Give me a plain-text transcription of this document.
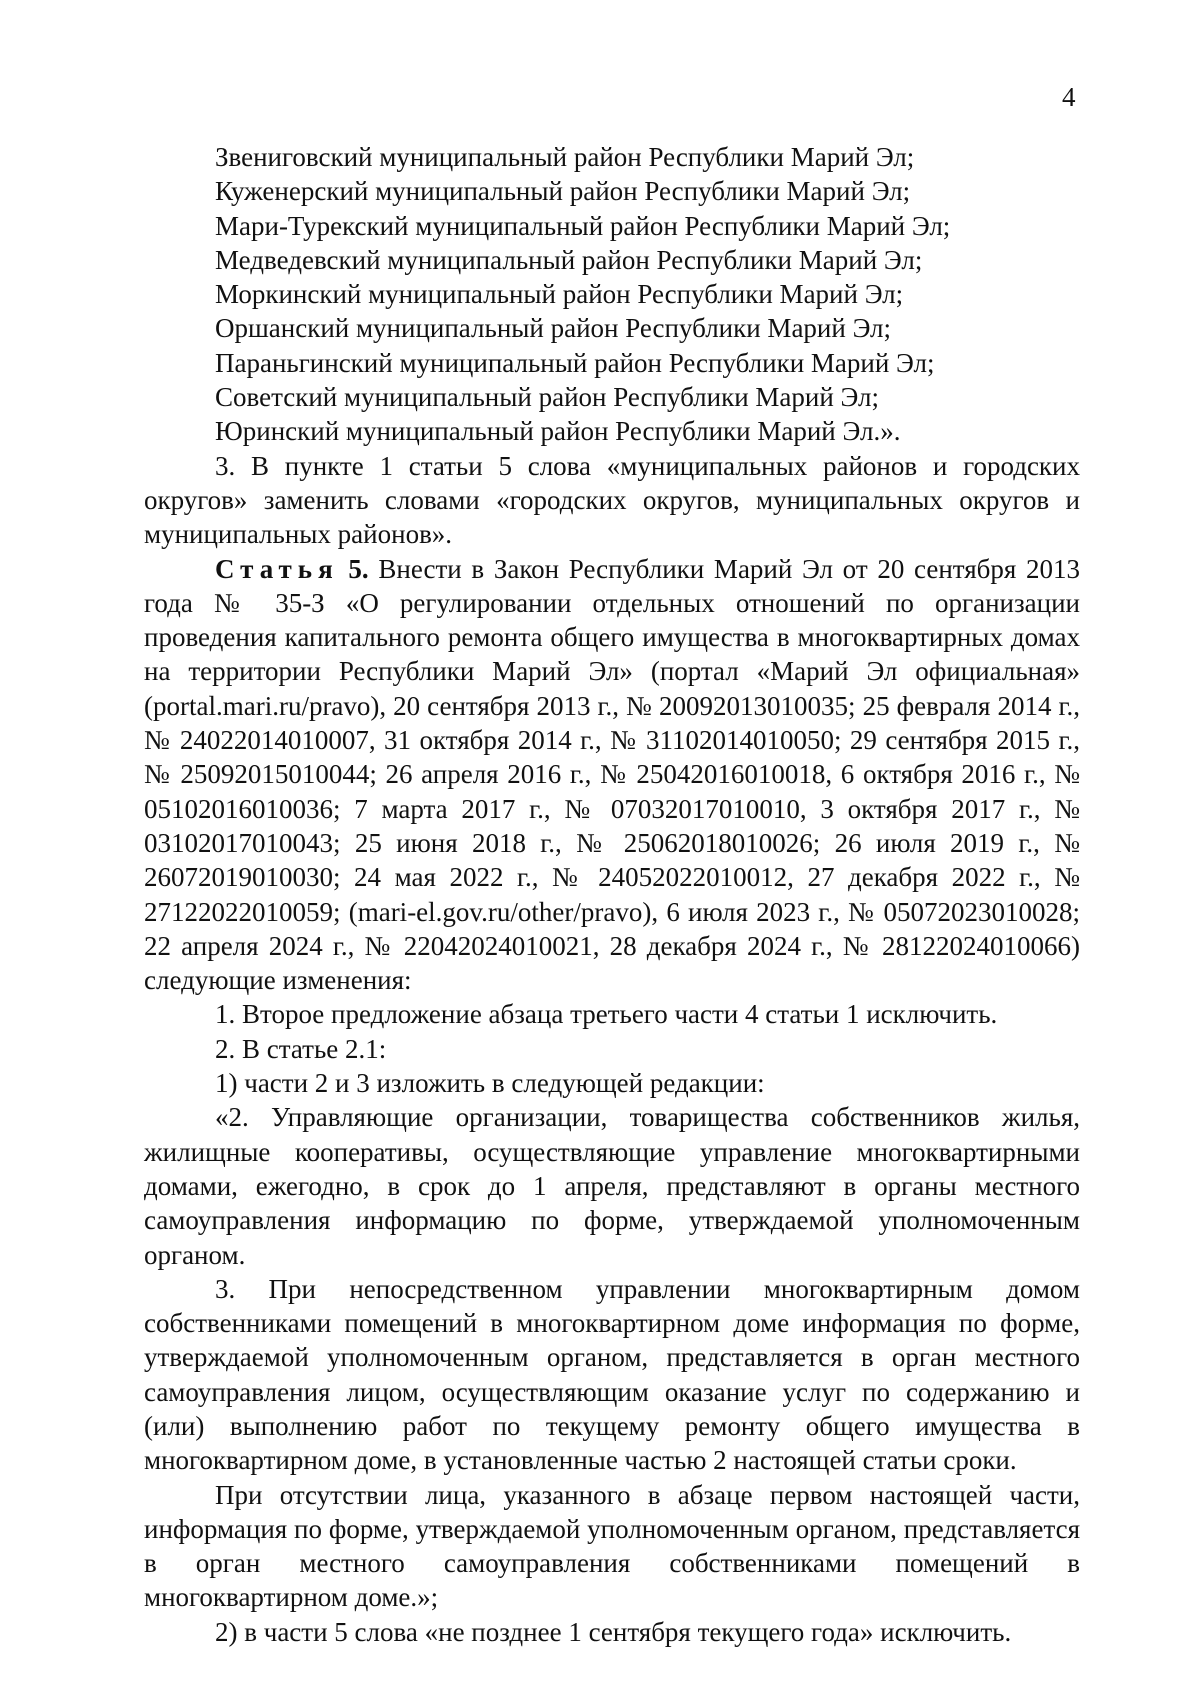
4

Звениговский муниципальный район Республики Марий Эл;

Куженерский муниципальный район Республики Марий Эл;

Мари-Турекский муниципальный район Республики Марий Эл;

Медведевский муниципальный район Республики Марий Эл;

Моркинский муниципальный район Республики Марий Эл;

Оршанский муниципальный район Республики Марий Эл;

Параньгинский муниципальный район Республики Марий Эл;

Советский муниципальный район Республики Марий Эл;

Юринский муниципальный район Республики Марий Эл.».

3. В пункте 1 статьи 5 слова «муниципальных районов и городских округов» заменить словами «городских округов, муниципальных округов и муниципальных районов».

Статья 5. Внести в Закон Республики Марий Эл от 20 сентября 2013 года № 35-З «О регулировании отдельных отношений по организации проведения капитального ремонта общего имущества в многоквартирных домах на территории Республики Марий Эл» (портал «Марий Эл официальная» (portal.mari.ru/pravo), 20 сентября 2013 г., № 20092013010035; 25 февраля 2014 г., № 24022014010007, 31 октября 2014 г., № 31102014010050; 29 сентября 2015 г., № 25092015010044; 26 апреля 2016 г., № 25042016010018, 6 октября 2016 г., № 05102016010036; 7 марта 2017 г., № 07032017010010, 3 октября 2017 г., № 03102017010043; 25 июня 2018 г., № 25062018010026; 26 июля 2019 г., № 26072019010030; 24 мая 2022 г., № 24052022010012, 27 декабря 2022 г., № 27122022010059; (mari-el.gov.ru/other/pravo), 6 июля 2023 г., № 05072023010028; 22 апреля 2024 г., № 22042024010021, 28 декабря 2024 г., № 28122024010066) следующие изменения:

1. Второе предложение абзаца третьего части 4 статьи 1 исключить.

2. В статье 2.1:

1) части 2 и 3 изложить в следующей редакции:

«2. Управляющие организации, товарищества собственников жилья, жилищные кооперативы, осуществляющие управление многоквартирными домами, ежегодно, в срок до 1 апреля, представляют в органы местного самоуправления информацию по форме, утверждаемой уполномоченным органом.

3. При непосредственном управлении многоквартирным домом собственниками помещений в многоквартирном доме информация по форме, утверждаемой уполномоченным органом, представляется в орган местного самоуправления лицом, осуществляющим оказание услуг по содержанию и (или) выполнению работ по текущему ремонту общего имущества в многоквартирном доме, в установленные частью 2 настоящей статьи сроки.

При отсутствии лица, указанного в абзаце первом настоящей части, информация по форме, утверждаемой уполномоченным органом, представляется в орган местного самоуправления собственниками помещений в многоквартирном доме.»;

2) в части 5 слова «не позднее 1 сентября текущего года» исключить.
